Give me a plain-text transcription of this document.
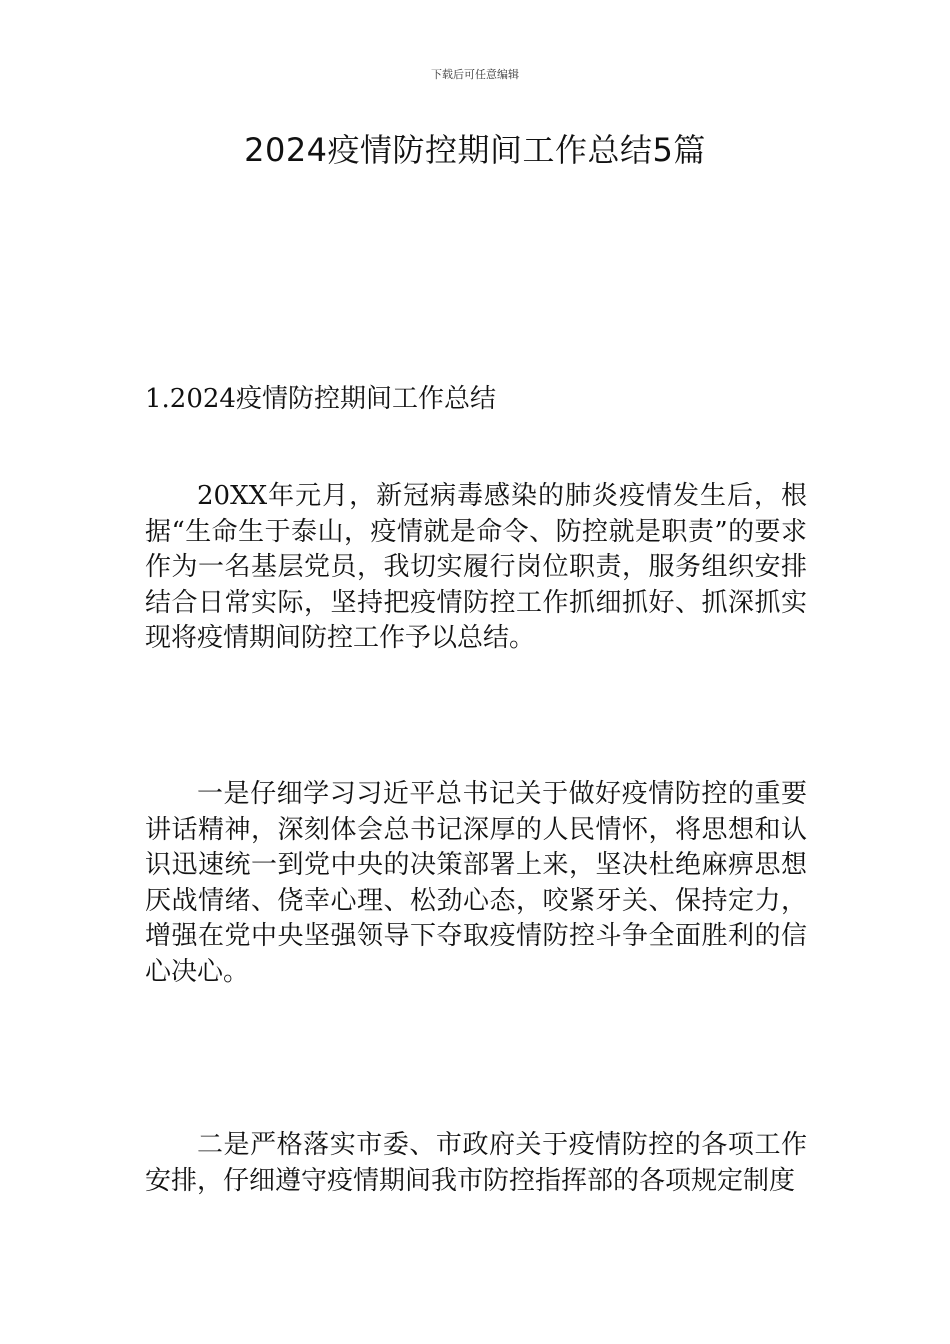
下载后可任意编辑
2024疫情防控期间工作总结5篇
1.2024疫情防控期间工作总结

20XX年元月，新冠病毒感染的肺炎疫情发生后，根据“生命生于泰山，疫情就是命令、防控就是职责”的要求作为一名基层党员，我切实履行岗位职责，服务组织安排结合日常实际，坚持把疫情防控工作抓细抓好、抓深抓实现将疫情期间防控工作予以总结。

一是仔细学习习近平总书记关于做好疫情防控的重要讲话精神，深刻体会总书记深厚的人民情怀，将思想和认识迅速统一到党中央的决策部署上来，坚决杜绝麻痹思想厌战情绪、侥幸心理、松劲心态，咬紧牙关、保持定力，增强在党中央坚强领导下夺取疫情防控斗争全面胜利的信心决心。

二是严格落实市委、市政府关于疫情防控的各项工作安排，仔细遵守疫情期间我市防控指挥部的各项规定制度
